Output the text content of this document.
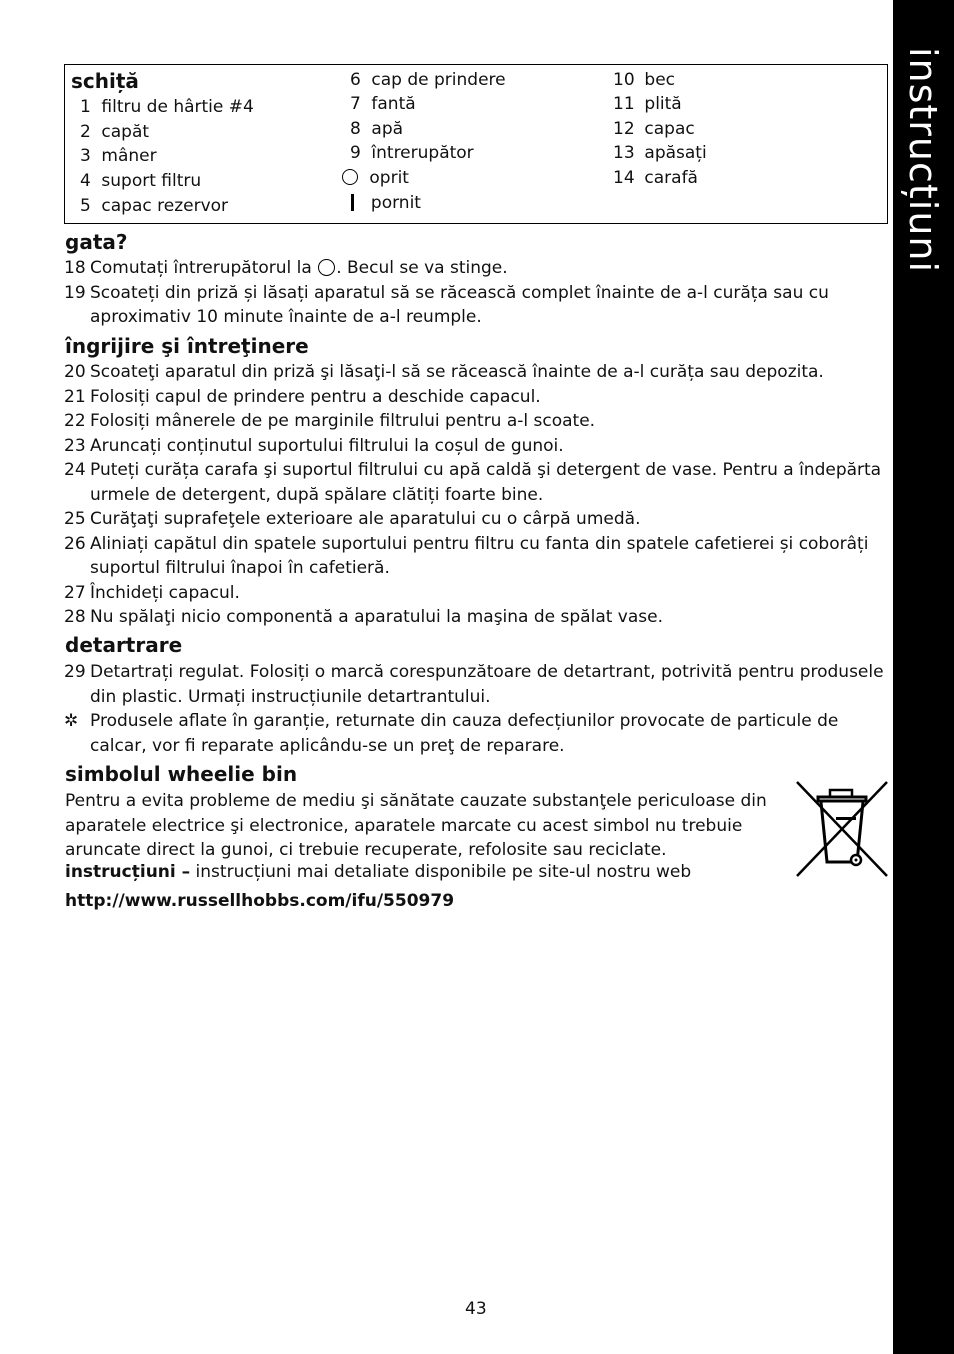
instrucțiuni
schiță
1 filtru de hârtie #4
2 capăt
3 mâner
4 suport filtru
5 capac rezervor
6 cap de prindere
7 fantă
8 apă
9 întrerupător
oprit
pornit
10 bec
11 plită
12 capac
13 apăsați
14 carafă
gata?
18 Comutați întrerupătorul la . Becul se va stinge.
19 Scoateți din priză și lăsați aparatul să se răcească complet înainte de a-l curăța sau cu aproximativ 10 minute înainte de a-l reumple.
îngrijire şi întreţinere
20 Scoateţi aparatul din priză şi lăsaţi-l să se răcească înainte de a-l curăța sau depozita.
21 Folosiți capul de prindere pentru a deschide capacul.
22 Folosiți mânerele de pe marginile filtrului pentru a-l scoate.
23 Aruncați conținutul suportului filtrului la coșul de gunoi.
24 Puteți curăța carafa şi suportul filtrului cu apă caldă şi detergent de vase. Pentru a îndepărta urmele de detergent, după spălare clătiți foarte bine.
25 Curăţaţi suprafeţele exterioare ale aparatului cu o cârpă umedă.
26 Aliniați capătul din spatele suportului pentru filtru cu fanta din spatele cafetierei și coborâți suportul filtrului înapoi în cafetieră.
27 Închideți capacul.
28 Nu spălaţi nicio componentă a aparatului la maşina de spălat vase.
detartrare
29 Detartrați regulat. Folosiți o marcă corespunzătoare de detartrant, potrivită pentru produsele din plastic. Urmați instrucțiunile detartrantului.
✲ Produsele aflate în garanție, returnate din cauza defecțiunilor provocate de particule de calcar, vor fi reparate aplicându-se un preţ de reparare.
simbolul wheelie bin
Pentru a evita probleme de mediu şi sănătate cauzate substanţele periculoase din aparatele electrice şi electronice, aparatele marcate cu acest simbol nu trebuie aruncate direct la gunoi, ci trebuie recuperate, refolosite sau reciclate.
instrucțiuni – instrucțiuni mai detaliate disponibile pe site-ul nostru web
http://www.russellhobbs.com/ifu/550979
43
